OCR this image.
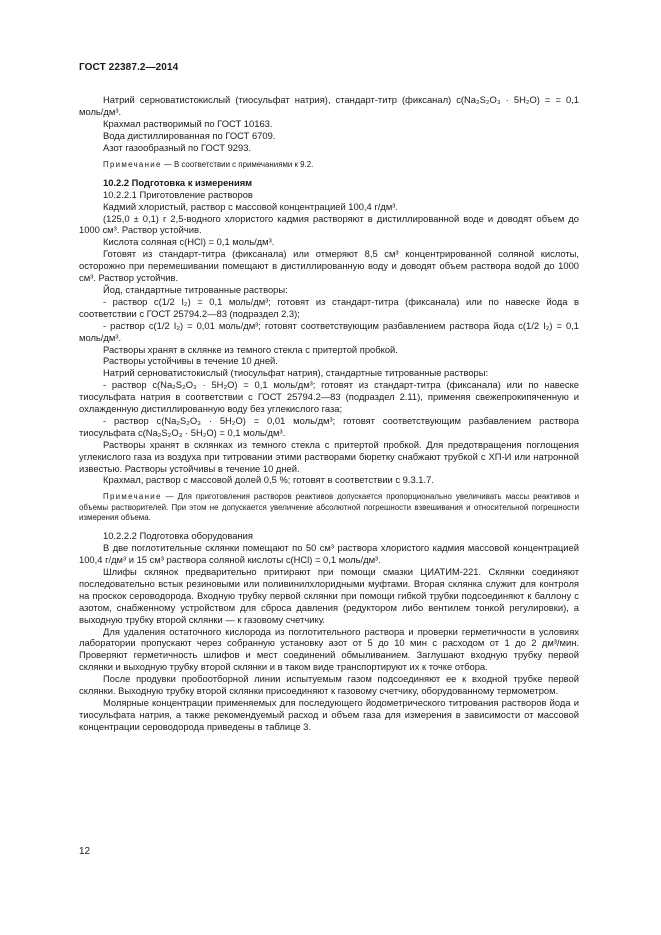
ГОСТ 22387.2—2014

Натрий серноватистокислый (тиосульфат натрия), стандарт-титр (фиксанал) c(Na₂S₂O₃ · 5H₂O) = = 0,1 моль/дм³.

Крахмал растворимый по ГОСТ 10163.

Вода дистиллированная по ГОСТ 6709.

Азот газообразный по ГОСТ 9293.

Примечание — В соответствии с примечаниями к 9.2.

10.2.2 Подготовка к измерениям

10.2.2.1 Приготовление растворов

Кадмий хлористый, раствор с массовой концентрацией 100,4 г/дм³.

(125,0 ± 0,1) г 2,5-водного хлористого кадмия растворяют в дистиллированной воде и доводят объем до 1000 см³. Раствор устойчив.

Кислота соляная c(HCl) = 0,1 моль/дм³.

Готовят из стандарт-титра (фиксанала) или отмеряют 8,5 см³ концентрированной соляной кислоты, осторожно при перемешивании помещают в дистиллированную воду и доводят объем раствора водой до 1000 см³. Раствор устойчив.

Йод, стандартные титрованные растворы:

- раствор c(1/2 I₂) = 0,1 моль/дм³; готовят из стандарт-титра (фиксанала) или по навеске йода в соответствии с ГОСТ 25794.2—83 (подраздел 2.3);

- раствор c(1/2 I₂) = 0,01 моль/дм³; готовят соответствующим разбавлением раствора йода c(1/2 I₂) = 0,1 моль/дм³.

Растворы хранят в склянке из темного стекла с притертой пробкой.

Растворы устойчивы в течение 10 дней.

Натрий серноватистокислый (тиосульфат натрия), стандартные титрованные растворы:

- раствор c(Na₂S₂O₃ · 5H₂O) = 0,1 моль/дм³; готовят из стандарт-титра (фиксанала) или по навеске тиосульфата натрия в соответствии с ГОСТ 25794.2—83 (подраздел 2.11), применяя свежепрокипяченную и охлажденную дистиллированную воду без углекислого газа;

- раствор c(Na₂S₂O₃ · 5H₂O) = 0,01 моль/дм³; готовят соответствующим разбавлением раствора тиосульфата c(Na₂S₂O₃ · 5H₂O) = 0,1 моль/дм³.

Растворы хранят в склянках из темного стекла с притертой пробкой. Для предотвращения поглощения углекислого газа из воздуха при титровании этими растворами бюретку снабжают трубкой с ХП-И или натронной известью. Растворы устойчивы в течение 10 дней.

Крахмал, раствор с массовой долей 0,5 %; готовят в соответствии с 9.3.1.7.

Примечание — Для приготовления растворов реактивов допускается пропорционально увеличивать массы реактивов и объемы растворителей. При этом не допускается увеличение абсолютной погрешности взвешивания и относительной погрешности измерения объема.

10.2.2.2 Подготовка оборудования

В две поглотительные склянки помещают по 50 см³ раствора хлористого кадмия массовой концентрацией 100,4 г/дм³ и 15 см³ раствора соляной кислоты c(HCl) = 0,1 моль/дм³.

Шлифы склянок предварительно притирают при помощи смазки ЦИАТИМ-221. Склянки соединяют последовательно встык резиновыми или поливинилхлоридными муфтами. Вторая склянка служит для контроля на проскок сероводорода. Входную трубку первой склянки при помощи гибкой трубки подсоединяют к баллону с азотом, снабженному устройством для сброса давления (редуктором либо вентилем тонкой регулировки), а выходную трубку второй склянки — к газовому счетчику.

Для удаления остаточного кислорода из поглотительного раствора и проверки герметичности в условиях лаборатории пропускают через собранную установку азот от 5 до 10 мин с расходом от 1 до 2 дм³/мин. Проверяют герметичность шлифов и мест соединений обмыливанием. Заглушают входную трубку первой склянки и выходную трубку второй склянки и в таком виде транспортируют их к точке отбора.

После продувки пробоотборной линии испытуемым газом подсоединяют ее к входной трубке первой склянки. Выходную трубку второй склянки присоединяют к газовому счетчику, оборудованному термометром.

Молярные концентрации применяемых для последующего йодометрического титрования растворов йода и тиосульфата натрия, а также рекомендуемый расход и объем газа для измерения в зависимости от массовой концентрации сероводорода приведены в таблице 3.

12
